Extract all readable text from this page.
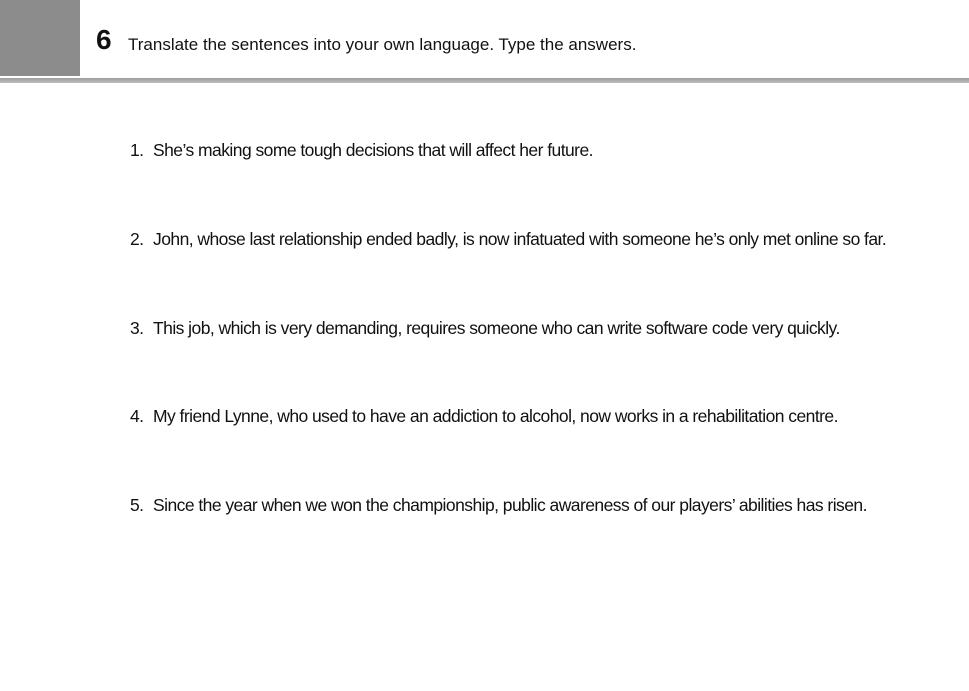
6 Translate the sentences into your own language. Type the answers.
1. She’s making some tough decisions that will affect her future.
2. John, whose last relationship ended badly, is now infatuated with someone he’s only met online so far.
3. This job, which is very demanding, requires someone who can write software code very quickly.
4. My friend Lynne, who used to have an addiction to alcohol, now works in a rehabilitation centre.
5. Since the year when we won the championship, public awareness of our players’ abilities has risen.
